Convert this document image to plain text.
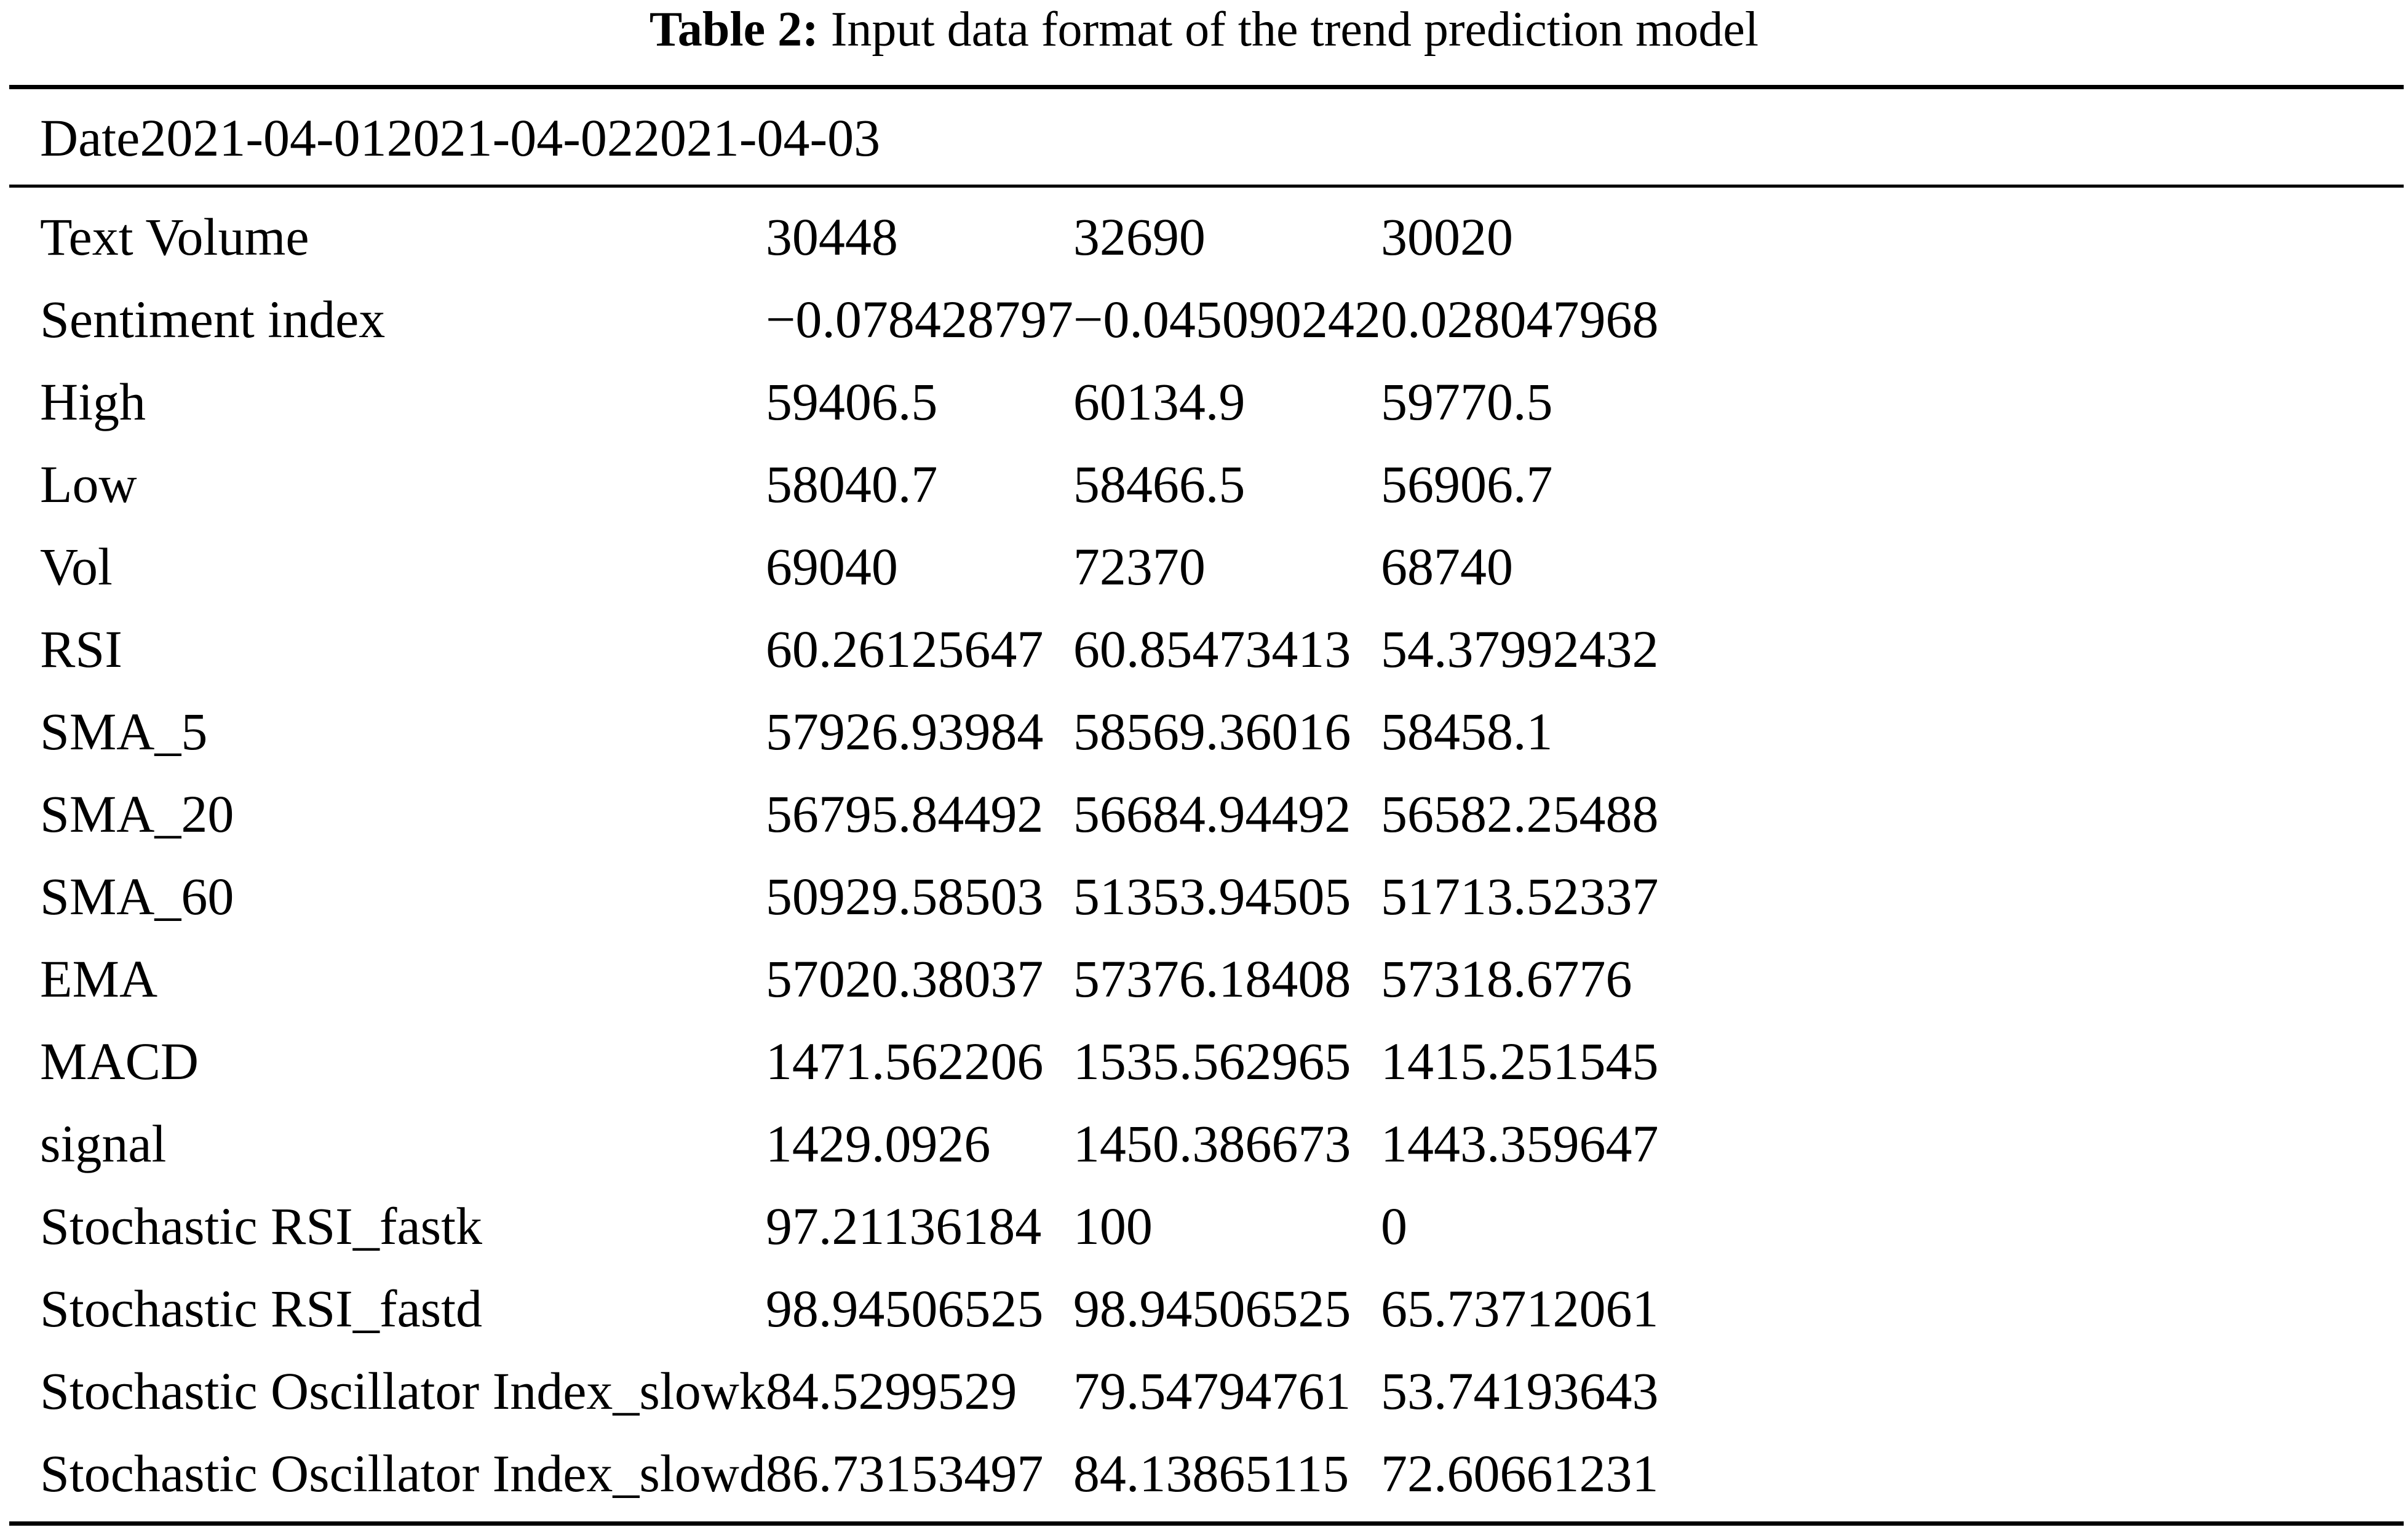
Table 2: Input data format of the trend prediction model
Date	2021-04-01	2021-04-02	2021-04-03
Text Volume	30448	32690	30020
Sentiment index	−0.078428797	−0.045090242	0.028047968
High	59406.5	60134.9	59770.5
Low	58040.7	58466.5	56906.7
Vol	69040	72370	68740
RSI	60.26125647	60.85473413	54.37992432
SMA_5	57926.93984	58569.36016	58458.1
SMA_20	56795.84492	56684.94492	56582.25488
SMA_60	50929.58503	51353.94505	51713.52337
EMA	57020.38037	57376.18408	57318.6776
MACD	1471.562206	1535.562965	1415.251545
signal	1429.0926	1450.386673	1443.359647
Stochastic RSI_fastk	97.21136184	100	0
Stochastic RSI_fastd	98.94506525	98.94506525	65.73712061
Stochastic Oscillator Index_slowk	84.5299529	79.54794761	53.74193643
Stochastic Oscillator Index_slowd	86.73153497	84.13865115	72.60661231
